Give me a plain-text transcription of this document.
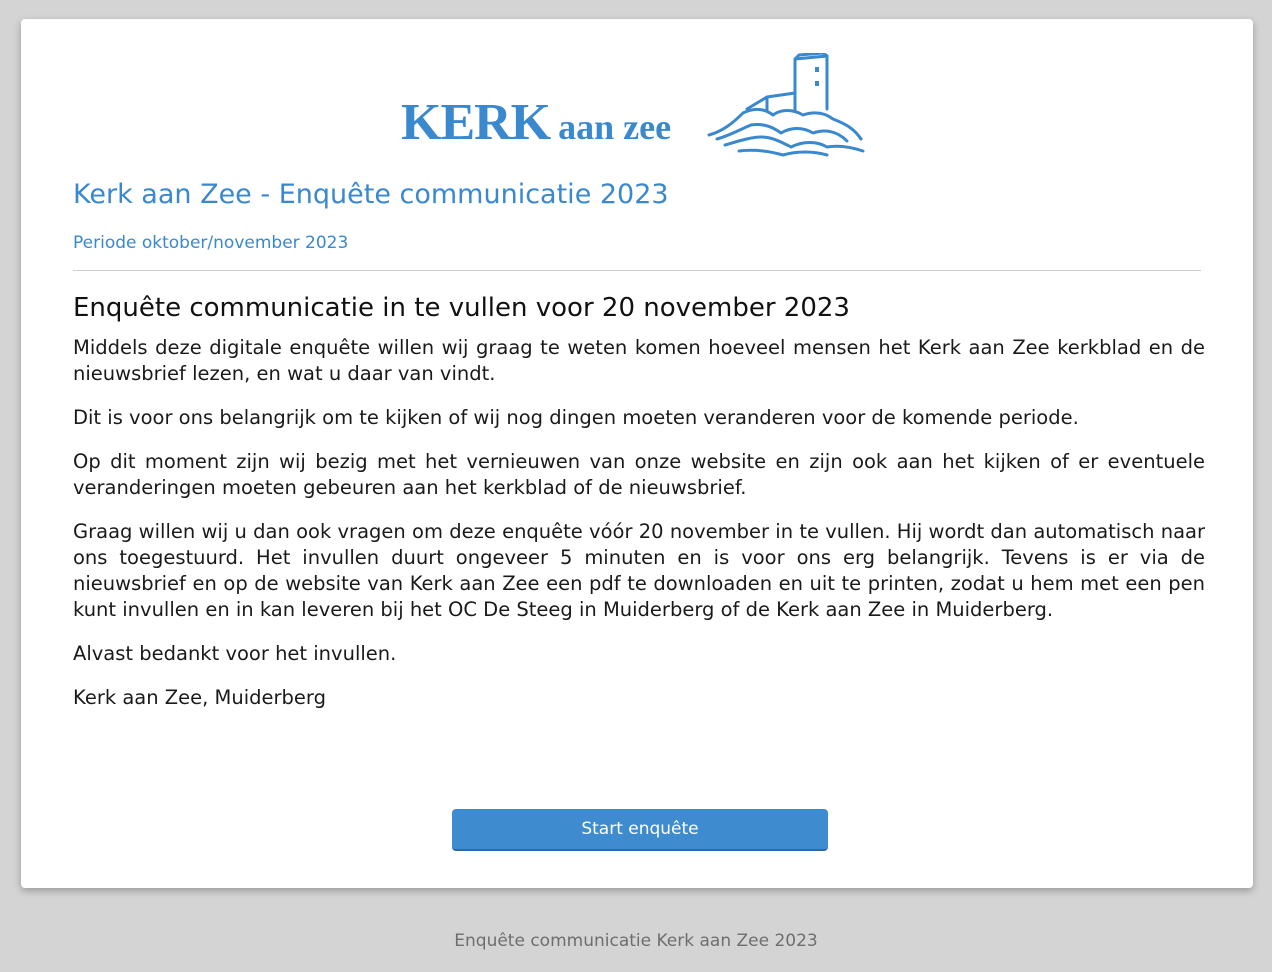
KERK aan zee
Kerk aan Zee - Enquête communicatie 2023

Periode oktober/november 2023

Enquête communicatie in te vullen voor 20 november 2023

Middels deze digitale enquête willen wij graag te weten komen hoeveel mensen het Kerk aan Zee kerkblad en de nieuwsbrief lezen, en wat u daar van vindt.

Dit is voor ons belangrijk om te kijken of wij nog dingen moeten veranderen voor de komende periode.

Op dit moment zijn wij bezig met het vernieuwen van onze website en zijn ook aan het kijken of er eventuele veranderingen moeten gebeuren aan het kerkblad of de nieuwsbrief.

Graag willen wij u dan ook vragen om deze enquête vóór 20 november in te vullen. Hij wordt dan automatisch naar ons toegestuurd. Het invullen duurt ongeveer 5 minuten en is voor ons erg belangrijk. Tevens is er via de nieuwsbrief en op de website van Kerk aan Zee een pdf te downloaden en uit te printen, zodat u hem met een pen kunt invullen en in kan leveren bij het OC De Steeg in Muiderberg of de Kerk aan Zee in Muiderberg.

Alvast bedankt voor het invullen.

Kerk aan Zee, Muiderberg

Start enquête
Enquête communicatie Kerk aan Zee 2023
